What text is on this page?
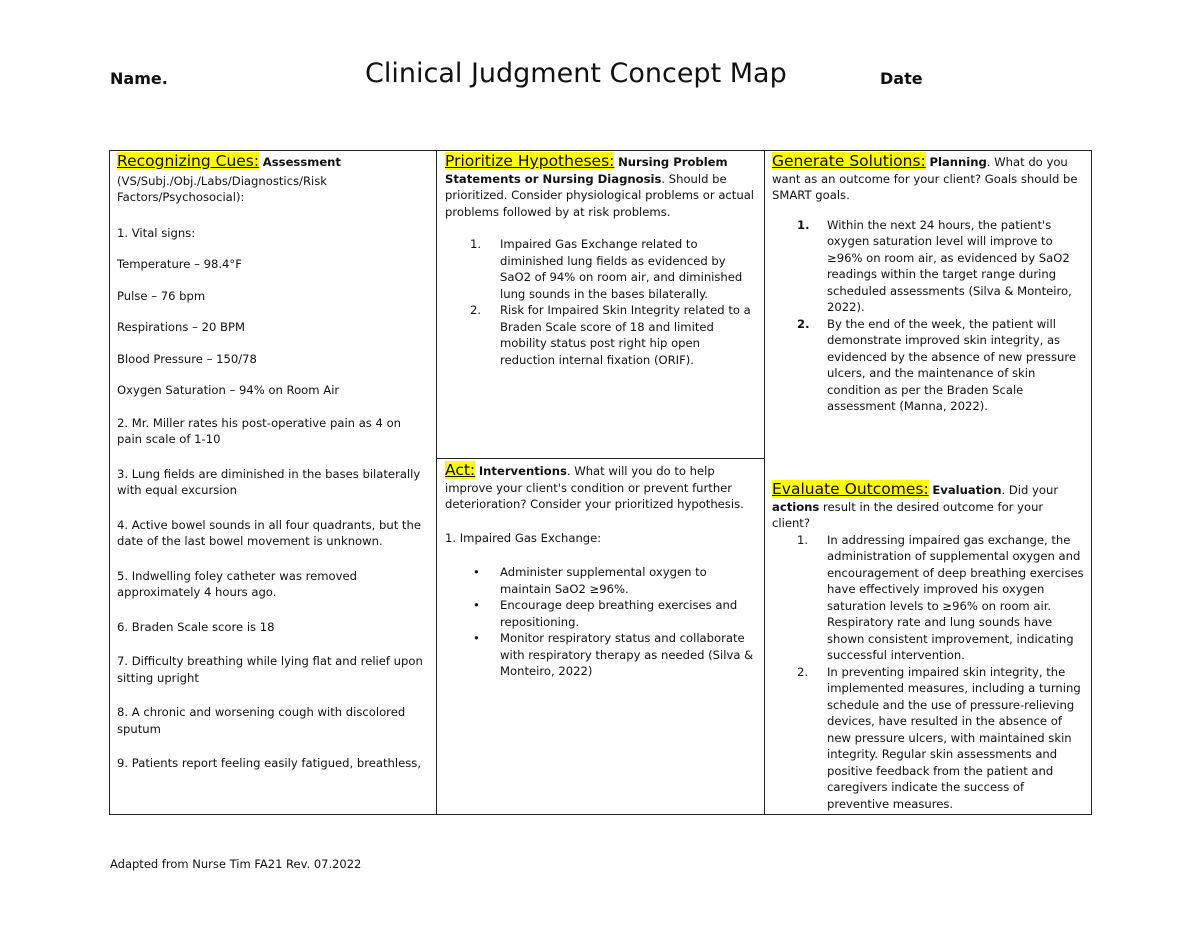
Name.	Clinical Judgment Concept Map	Date
Recognizing Cues: Assessment
(VS/Subj./Obj./Labs/Diagnostics/Risk Factors/Psychosocial):
1. Vital signs:
Temperature – 98.4°F
Pulse – 76 bpm
Respirations – 20 BPM
Blood Pressure – 150/78
Oxygen Saturation – 94% on Room Air
2. Mr. Miller rates his post-operative pain as 4 on pain scale of 1-10
3. Lung fields are diminished in the bases bilaterally with equal excursion
4. Active bowel sounds in all four quadrants, but the date of the last bowel movement is unknown.
5. Indwelling foley catheter was removed approximately 4 hours ago.
6. Braden Scale score is 18
7. Difficulty breathing while lying flat and relief upon sitting upright
8. A chronic and worsening cough with discolored sputum
9. Patients report feeling easily fatigued, breathless,
Prioritize Hypotheses: Nursing Problem Statements or Nursing Diagnosis. Should be prioritized. Consider physiological problems or actual problems followed by at risk problems.
1. Impaired Gas Exchange related to diminished lung fields as evidenced by SaO2 of 94% on room air, and diminished lung sounds in the bases bilaterally.
2. Risk for Impaired Skin Integrity related to a Braden Scale score of 18 and limited mobility status post right hip open reduction internal fixation (ORIF).
Generate Solutions: Planning. What do you want as an outcome for your client? Goals should be SMART goals.
1. Within the next 24 hours, the patient's oxygen saturation level will improve to ≥96% on room air, as evidenced by SaO2 readings within the target range during scheduled assessments (Silva & Monteiro, 2022).
2. By the end of the week, the patient will demonstrate improved skin integrity, as evidenced by the absence of new pressure ulcers, and the maintenance of skin condition as per the Braden Scale assessment (Manna, 2022).
Act: Interventions. What will you do to help improve your client's condition or prevent further deterioration? Consider your prioritized hypothesis.
1. Impaired Gas Exchange:
• Administer supplemental oxygen to maintain SaO2 ≥96%.
• Encourage deep breathing exercises and repositioning.
• Monitor respiratory status and collaborate with respiratory therapy as needed (Silva & Monteiro, 2022)
Evaluate Outcomes: Evaluation. Did your actions result in the desired outcome for your client?
1. In addressing impaired gas exchange, the administration of supplemental oxygen and encouragement of deep breathing exercises have effectively improved his oxygen saturation levels to ≥96% on room air. Respiratory rate and lung sounds have shown consistent improvement, indicating successful intervention.
2. In preventing impaired skin integrity, the implemented measures, including a turning schedule and the use of pressure-relieving devices, have resulted in the absence of new pressure ulcers, with maintained skin integrity. Regular skin assessments and positive feedback from the patient and caregivers indicate the success of preventive measures.
Adapted from Nurse Tim FA21 Rev. 07.2022
